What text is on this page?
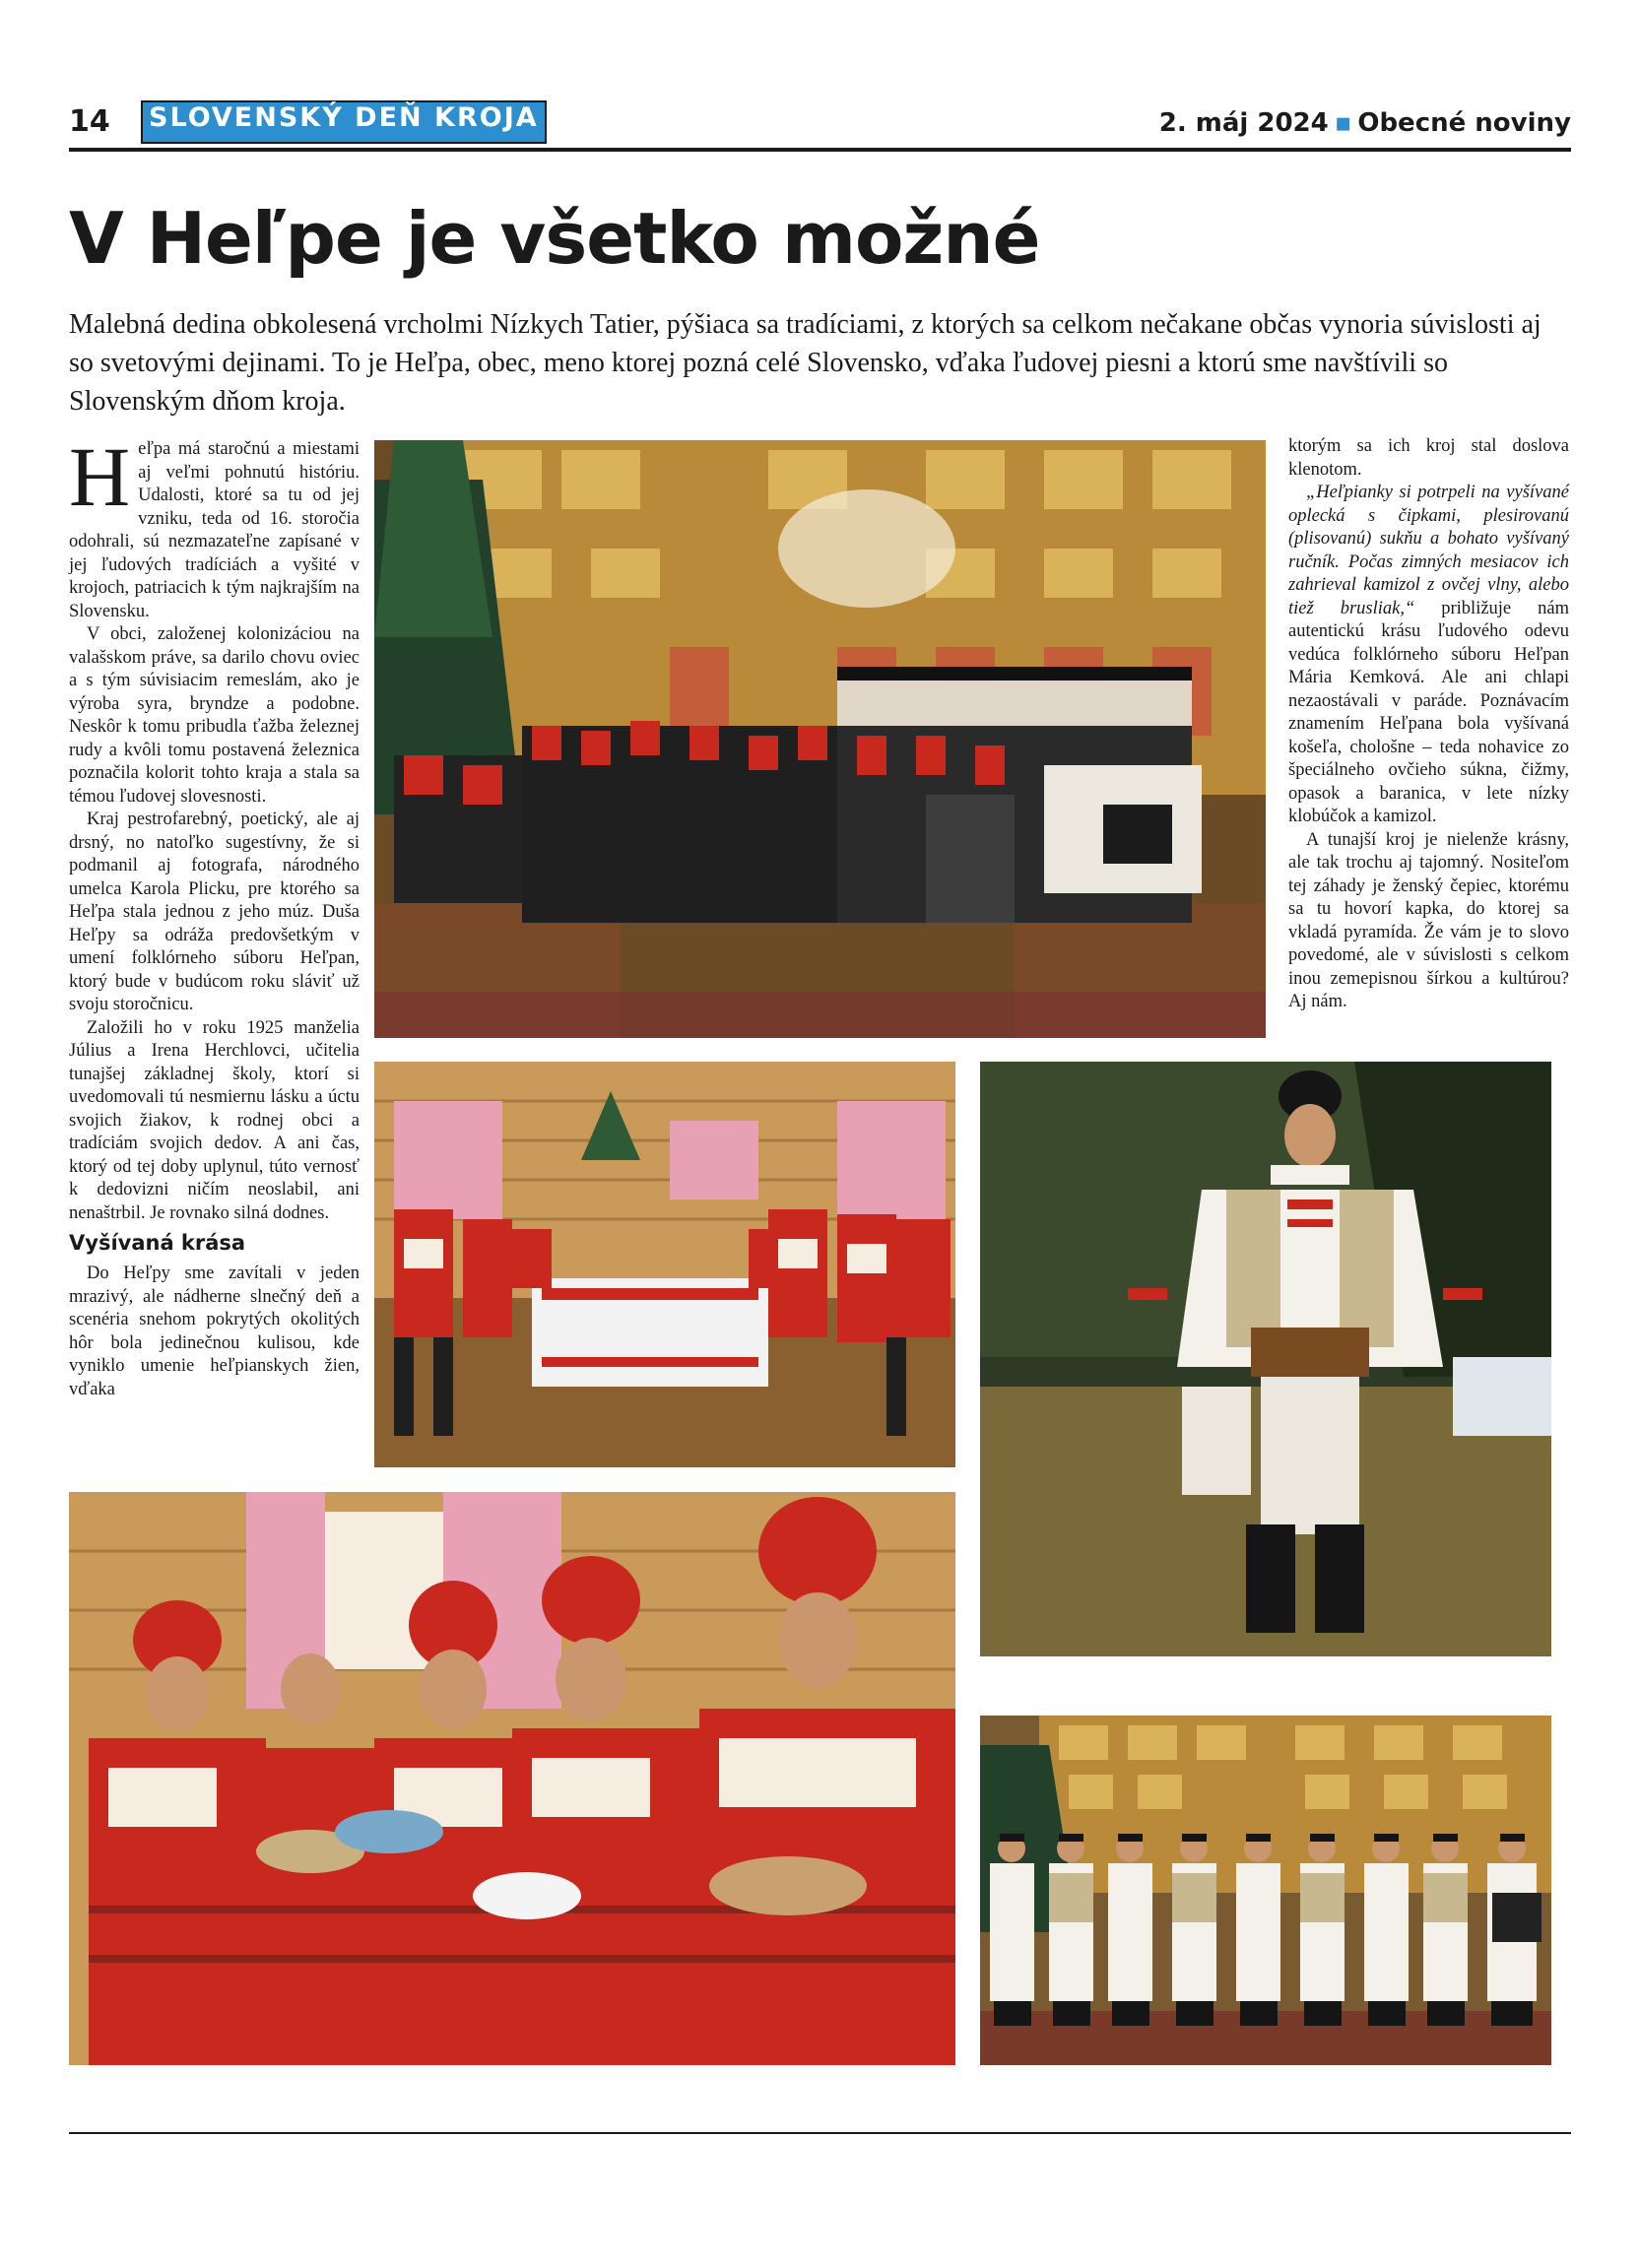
14 SLOVENSKÝ DEŇ KROJA	2. máj 2024 ▪ Obecné noviny
V Heľpe je všetko možné
Malebná dedina obkolesená vrcholmi Nízkych Tatier, pýšiaca sa tradíciami, z ktorých sa celkom nečakane občas vynoria súvislosti aj so svetovými dejinami. To je Heľpa, obec, meno ktorej pozná celé Slovensko, vďaka ľudovej piesni a ktorú sme navštívili so Slovenským dňom kroja.

Heľpa má staročnú a miestami aj veľmi pohnutú históriu. Udalosti, ktoré sa tu od jej vzniku, teda od 16. storočia odohrali, sú nezmazateľne zapísané v jej ľudových tradíciách a vyšité v krojoch, patriacich k tým najkrajším na Slovensku.

V obci, založenej kolonizáciou na valašskom práve, sa darilo chovu oviec a s tým súvisiacim remeslám, ako je výroba syra, bryndze a podobne. Neskôr k tomu pribudla ťažba železnej rudy a kvôli tomu postavená železnica poznačila kolorit tohto kraja a stala sa témou ľudovej slovesnosti.

Kraj pestrofarebný, poetický, ale aj drsný, no natoľko sugestívny, že si podmanil aj fotografa, národného umelca Karola Plicku, pre ktorého sa Heľpa stala jednou z jeho múz. Duša Heľpy sa odráža predovšetkým v umení folklórneho súboru Heľpan, ktorý bude v budúcom roku sláviť už svoju storočnicu.

Založili ho v roku 1925 manželia Július a Irena Herchlovci, učitelia tunajšej základnej školy, ktorí si uvedomovali tú nesmiernu lásku a úctu svojich žiakov, k rodnej obci a tradíciám svojich dedov. A ani čas, ktorý od tej doby uplynul, túto vernosť k dedovizni ničím neoslabil, ani nenaštrbil. Je rovnako silná dodnes.

Vyšívaná krása

Do Heľpy sme zavítali v jeden mrazivý, ale nádherne slnečný deň a scenéria snehom pokrytých okolitých hôr bola jedinečnou kulisou, kde vyniklo umenie heľpianskych žien, vďaka

ktorým sa ich kroj stal doslova klenotom.

„Heľpianky si potrpeli na vyšívané oplecká s čipkami, plesirovanú (plisovanú) sukňu a bohato vyšívaný ručník. Počas zimných mesiacov ich zahrieval kamizol z ovčej vlny, alebo tiež brusliak,“ približuje nám autentickú krásu ľudového odevu vedúca folklórneho súboru Heľpan Mária Kemková. Ale ani chlapi nezaostávali v paráde. Poznávacím znamením Heľpana bola vyšívaná košeľa, chološne – teda nohavice zo špeciálneho ovčieho súkna, čižmy, opasok a baranica, v lete nízky klobúčok a kamizol.

A tunajší kroj je nielenže krásny, ale tak trochu aj tajomný. Nositeľom tej záhady je ženský čepiec, ktorému sa tu hovorí kapka, do ktorej sa vkladá pyramída. Že vám je to slovo povedomé, ale v súvislosti s celkom inou zemepisnou šírkou a kultúrou? Aj nám.
